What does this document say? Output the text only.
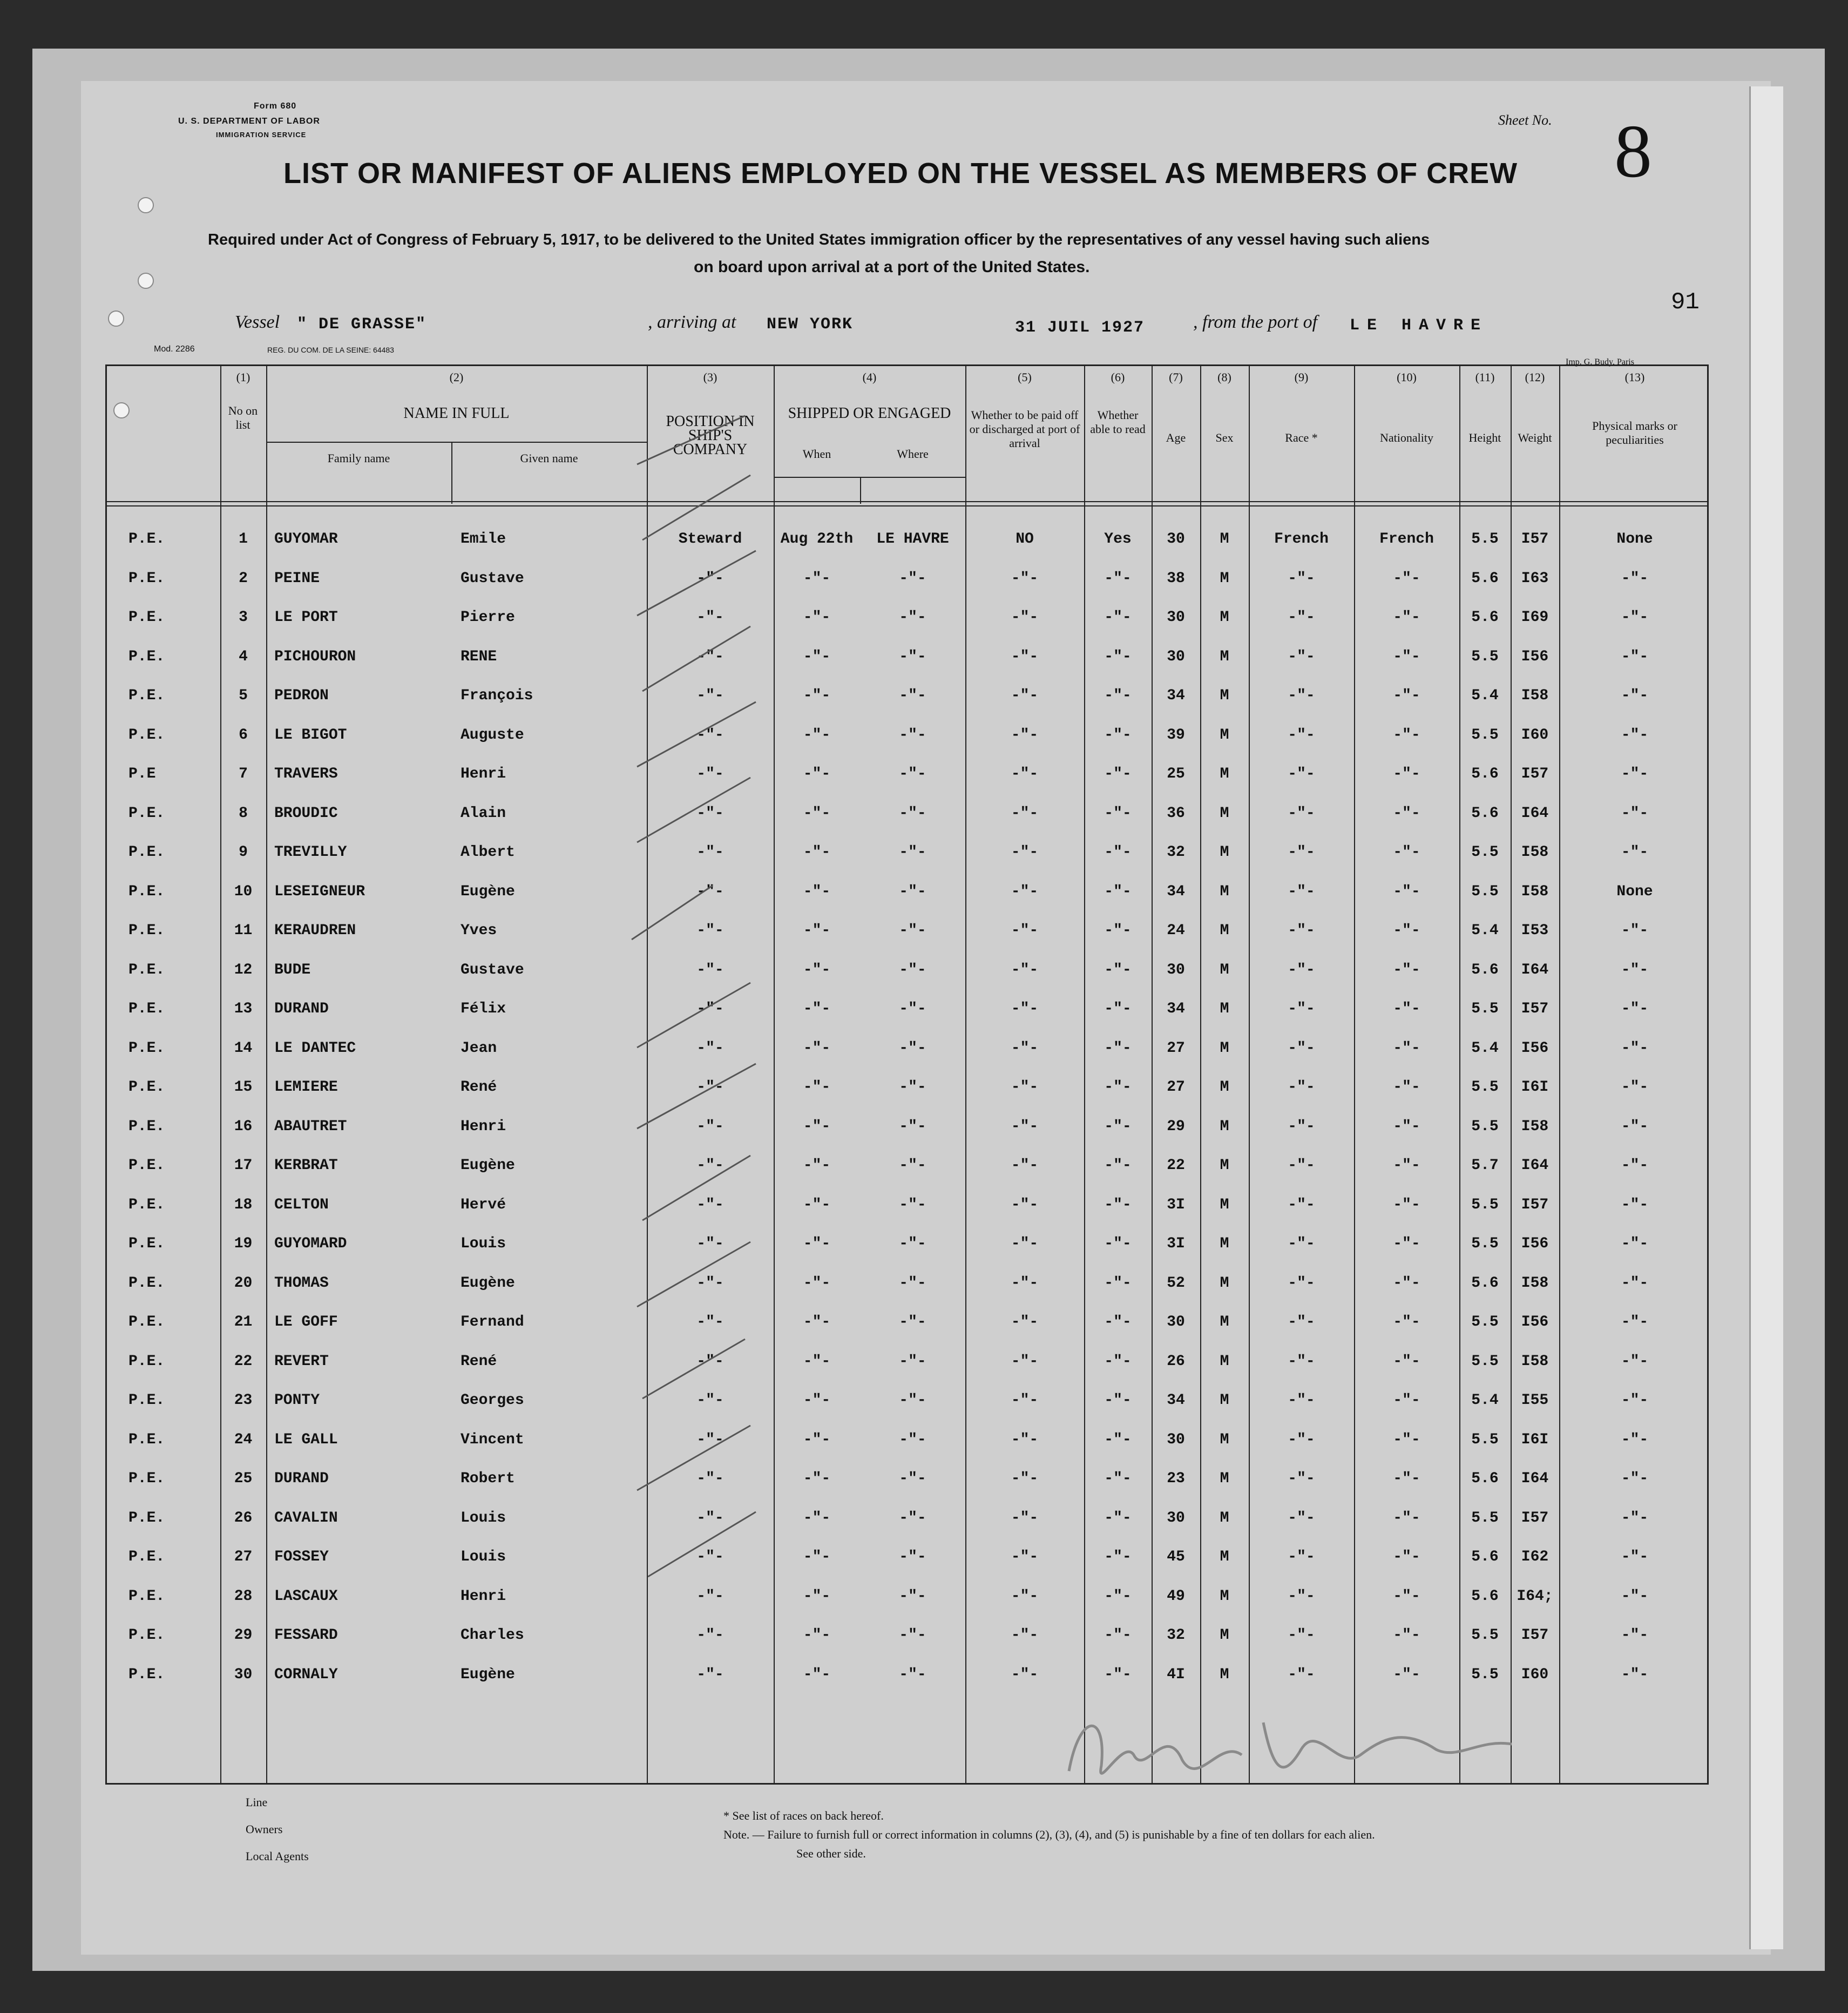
Form 680
U. S. DEPARTMENT OF LABOR
IMMIGRATION SERVICE
Sheet No. 8
LIST OR MANIFEST OF ALIENS EMPLOYED ON THE VESSEL AS MEMBERS OF CREW
Required under Act of Congress of February 5, 1917, to be delivered to the United States immigration officer by the representatives of any vessel having such aliens
on board upon arrival at a port of the United States.
91
Vessel " DE GRASSE"	, arriving at NEW YORK	31 JUIL 1927	, from the port of LE HAVRE
Mod. 2286	REG. DU COM. DE LA SEINE: 64483
Imp. G. Budy, Paris
(1)
No on list
(2)
NAME IN FULL
Family name	Given name
(3)
POSITION IN SHIP'S COMPANY
(4)
SHIPPED OR ENGAGED
When	Where
(5)
Whether to be paid off or discharged at port of arrival
(6)
Whether able to read
(7)
Age
(8)
Sex
(9)
Race *
(10)
Nationality
(11)
Height
(12)
Weight
(13)
Physical marks or peculiarities
P.E.	1	GUYOMAR	Emile	Steward	Aug 22th	LE HAVRE	NO	Yes	30	M	French	French	5.5	I57	None
P.E.	2	PEINE	Gustave	-"-	-"-	-"-	-"-	-"-	38	M	-"-	-"-	5.6	I63	-"-
P.E.	3	LE PORT	Pierre	-"-	-"-	-"-	-"-	-"-	30	M	-"-	-"-	5.6	I69	-"-
P.E.	4	PICHOURON	RENE	-"-	-"-	-"-	-"-	-"-	30	M	-"-	-"-	5.5	I56	-"-
P.E.	5	PEDRON	François	-"-	-"-	-"-	-"-	-"-	34	M	-"-	-"-	5.4	I58	-"-
P.E.	6	LE BIGOT	Auguste	-"-	-"-	-"-	-"-	-"-	39	M	-"-	-"-	5.5	I60	-"-
P.E	7	TRAVERS	Henri	-"-	-"-	-"-	-"-	-"-	25	M	-"-	-"-	5.6	I57	-"-
P.E.	8	BROUDIC	Alain	-"-	-"-	-"-	-"-	-"-	36	M	-"-	-"-	5.6	I64	-"-
P.E.	9	TREVILLY	Albert	-"-	-"-	-"-	-"-	-"-	32	M	-"-	-"-	5.5	I58	-"-
P.E.	10	LESEIGNEUR	Eugène	-"-	-"-	-"-	-"-	-"-	34	M	-"-	-"-	5.5	I58	None
P.E.	11	KERAUDREN	Yves	-"-	-"-	-"-	-"-	-"-	24	M	-"-	-"-	5.4	I53	-"-
P.E.	12	BUDE	Gustave	-"-	-"-	-"-	-"-	-"-	30	M	-"-	-"-	5.6	I64	-"-
P.E.	13	DURAND	Félix	-"-	-"-	-"-	-"-	-"-	34	M	-"-	-"-	5.5	I57	-"-
P.E.	14	LE DANTEC	Jean	-"-	-"-	-"-	-"-	-"-	27	M	-"-	-"-	5.4	I56	-"-
P.E.	15	LEMIERE	René	-"-	-"-	-"-	-"-	-"-	27	M	-"-	-"-	5.5	I6I	-"-
P.E.	16	ABAUTRET	Henri	-"-	-"-	-"-	-"-	-"-	29	M	-"-	-"-	5.5	I58	-"-
P.E.	17	KERBRAT	Eugène	-"-	-"-	-"-	-"-	-"-	22	M	-"-	-"-	5.7	I64	-"-
P.E.	18	CELTON	Hervé	-"-	-"-	-"-	-"-	-"-	3I	M	-"-	-"-	5.5	I57	-"-
P.E.	19	GUYOMARD	Louis	-"-	-"-	-"-	-"-	-"-	3I	M	-"-	-"-	5.5	I56	-"-
P.E.	20	THOMAS	Eugène	-"-	-"-	-"-	-"-	-"-	52	M	-"-	-"-	5.6	I58	-"-
P.E.	21	LE GOFF	Fernand	-"-	-"-	-"-	-"-	-"-	30	M	-"-	-"-	5.5	I56	-"-
P.E.	22	REVERT	René	-"-	-"-	-"-	-"-	-"-	26	M	-"-	-"-	5.5	I58	-"-
P.E.	23	PONTY	Georges	-"-	-"-	-"-	-"-	-"-	34	M	-"-	-"-	5.4	I55	-"-
P.E.	24	LE GALL	Vincent	-"-	-"-	-"-	-"-	-"-	30	M	-"-	-"-	5.5	I6I	-"-
P.E.	25	DURAND	Robert	-"-	-"-	-"-	-"-	-"-	23	M	-"-	-"-	5.6	I64	-"-
P.E.	26	CAVALIN	Louis	-"-	-"-	-"-	-"-	-"-	30	M	-"-	-"-	5.5	I57	-"-
P.E.	27	FOSSEY	Louis	-"-	-"-	-"-	-"-	-"-	45	M	-"-	-"-	5.6	I62	-"-
P.E.	28	LASCAUX	Henri	-"-	-"-	-"-	-"-	-"-	49	M	-"-	-"-	5.6	I64;	-"-
P.E.	29	FESSARD	Charles	-"-	-"-	-"-	-"-	-"-	32	M	-"-	-"-	5.5	I57	-"-
P.E.	30	CORNALY	Eugène	-"-	-"-	-"-	-"-	-"-	4I	M	-"-	-"-	5.5	I60	-"-
Line
Owners
Local Agents
* See list of races on back hereof.
Note. — Failure to furnish full or correct information in columns (2), (3), (4), and (5) is punishable by a fine of ten dollars for each alien.
See other side.
